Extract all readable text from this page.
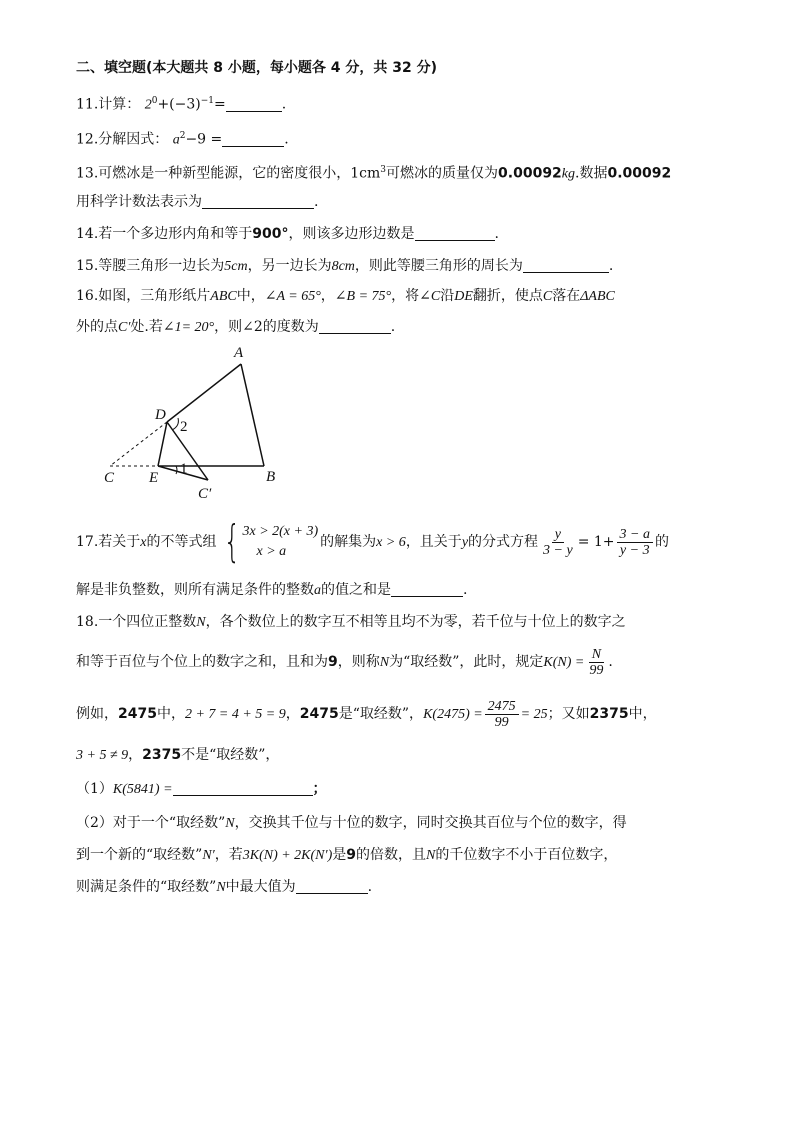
二、填空题(本大题共 8 小题，每小题各 4 分，共 32 分)
11.计算： $2^0+(-3)^{-1}=$	.
12.分解因式： $a^2-9$ =	.
13.可燃冰是一种新型能源，它的密度很小，$1cm^3$可燃冰的质量仅为0.00092kg.数据0.00092
用科学计数法表示为	.
14.若一个多边形内角和等于900°，则该多边形边数是	.
15.等腰三角形一边长为5cm，另一边长为8cm，则此等腰三角形的周长为	.
16.如图，三角形纸片ABC中，∠A = 65°，∠B = 75°，将∠C沿DE翻折，使点C落在ΔABC
外的点C′处.若∠1= 20°，则∠2的度数为	.
A
B
C
D
E
C′
1
2
17.若关于x的不等式组 { 3x > 2(x + 3)
x > a
的解集为x > 6，且关于y的分式方程 $\frac{y}{3 - y} = 1+ \frac{3 - a}{y - 3}$ 的
解是非负整数，则所有满足条件的整数a的值之和是	.
18.一个四位正整数N，各个数位上的数字互不相等且均不为零，若千位与十位上的数字之
和等于百位与个位上的数字之和，且和为9，则称N为“取经数”，此时，规定$K(N) = \frac{N}{99}$ .
例如，2475中，2 + 7 = 4 + 5 = 9，2475是“取经数”，$K(2475) = \frac{2475}{99} = 25$；又如2375中，
3 + 5 ≠ 9，2375不是“取经数”，
（1）K(5841) =	；
（2）对于一个“取经数”N，交换其千位与十位的数字，同时交换其百位与个位的数字，得
到一个新的“取经数”N′，若3K(N) + 2K(N′)是9的倍数，且N的千位数字不小于百位数字，
则满足条件的“取经数”N中最大值为	.
